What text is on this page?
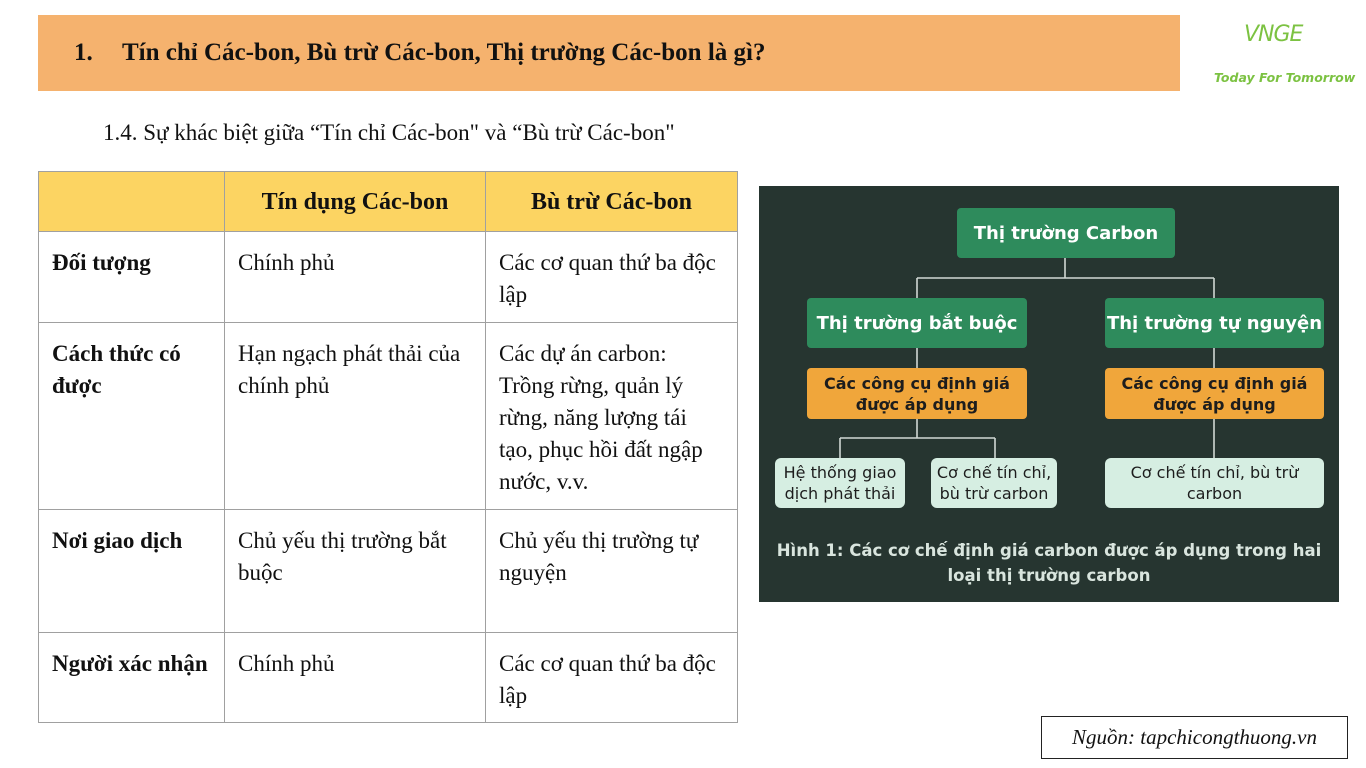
1.	Tín chỉ Các-bon, Bù trừ Các-bon, Thị trường Các-bon là gì?
VNGE
Today For Tomorrow
1.4. Sự khác biệt giữa “Tín chỉ Các-bon" và “Bù trừ Các-bon"
	Tín dụng Các-bon	Bù trừ Các-bon
Đối tượng	Chính phủ	Các cơ quan thứ ba độc lập
Cách thức có được	Hạn ngạch phát thải của chính phủ	Các dự án carbon: Trồng rừng, quản lý rừng, năng lượng tái tạo, phục hồi đất ngập nước, v.v.
Nơi giao dịch	Chủ yếu thị trường bắt buộc	Chủ yếu thị trường tự nguyện
Người xác nhận	Chính phủ	Các cơ quan thứ ba độc lập
Thị trường Carbon
Thị trường bắt buộc	Thị trường tự nguyện
Các công cụ định giá được áp dụng
Các công cụ định giá được áp dụng
Hệ thống giao dịch phát thải
Cơ chế tín chỉ, bù trừ carbon
Cơ chế tín chỉ, bù trừ carbon
Hình 1: Các cơ chế định giá carbon được áp dụng trong hai loại thị trường carbon
Nguồn: tapchicongthuong.vn
